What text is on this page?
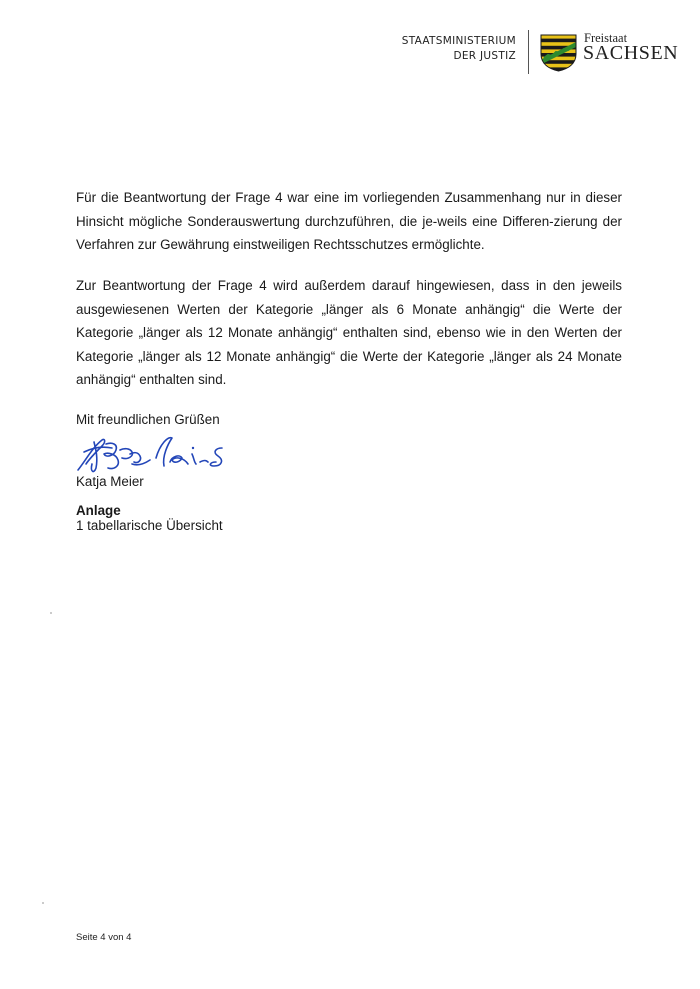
STAATSMINISTERIUM
DER JUSTIZ
Freistaat
SACHSEN

Für die Beantwortung der Frage 4 war eine im vorliegenden Zusammenhang nur in dieser Hinsicht mögliche Sonderauswertung durchzuführen, die je-weils eine Differen-zierung der Verfahren zur Gewährung einstweiligen Rechtsschutzes ermöglichte.

Zur Beantwortung der Frage 4 wird außerdem darauf hingewiesen, dass in den jeweils ausgewiesenen Werten der Kategorie „länger als 6 Monate anhängig“ die Werte der Kategorie „länger als 12 Monate anhängig“ enthalten sind, ebenso wie in den Werten der Kategorie „länger als 12 Monate anhängig“ die Werte der Kategorie „länger als 24 Monate anhängig“ enthalten sind.

Mit freundlichen Grüßen
Katja Meier
Anlage
1 tabellarische Übersicht
Seite 4 von 4
